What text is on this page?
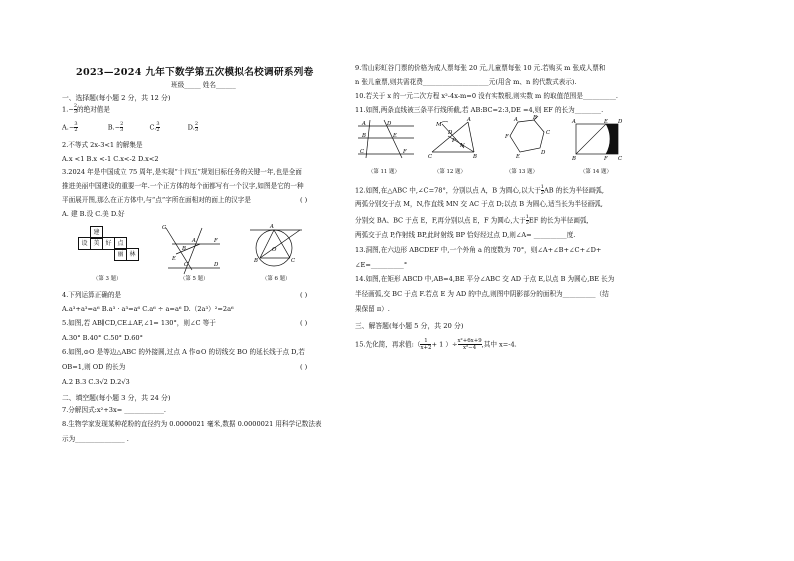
2023—2024 九年下数学第五次模拟名校调研系列卷
班级_____ 姓名______
一、选择题(每小题 2 分，共 12 分)
$1.- \frac{2}{3}$ 的绝对值是
$A.- \frac{3}{2}$	$B.- \frac{2}{3}$	C. $\frac{3}{2}$	D. $\frac{2}{3}$
2.不等式 2x-3<1 的解集是
A.x <1 B.x <-1 C.x<-2 D.x<2
3.2024 年是中国成立 75 周年,是实现“十四五”规划目标任务的关键一年,也是全面
推进美丽中国建设的重要一年.一个正方体的每个面都写有一个汉字,如图是它的一种
平面展开图,那么在正方体中,与“点”字所在面相对的面上的汉字是	( )
A. 建 B.设 C.美 D.好
建
设 美 好 点
丽 林
（第 3 题）
G
A	F
B
E
C	D
（第 5 题）
A
B
O
C
（第 6 题）
4.下列运算正确的是	( )
A.a³+a³=a⁶ B.a³ · a³=a⁶ C.a⁶ ÷ a=a⁶ D.（2a³）²=2a⁶
5.如图,若 AB∥CD,CE⊥AF,∠1= 130°，则∠C 等于	( )
A.30° B.40° C.50° D.60°
6.如图,⊙O 是等边△ABC 的外接圆,过点 A 作⊙O 的切线交 BO 的延长线于点 D,若
OB=1,则 OD 的长为	( )
A.2 B.3 C.3√2 D.2√3
二、填空题(每小题 3 分，共 24 分)
7.分解因式:x²+3x= ____________.
8.生物学家发现某种花粉的直径约为 0.0000021 毫米,数据 0.0000021 用科学记数法表
示为_______________ .
9.雪山彩虹谷门票的价格为成人票每张 20 元,儿童票每张 10 元.若购买 m 张成人票和
n 张儿童票,则共需花费____________________元(用含 m、n 的代数式表示).
10.若关于 x 的一元二次方程 x²-4x-m=0 没有实数根,则实数 m 的取值范围是__________.
11.如图,两条直线被三条平行线所截,若 AB:BC=2:3,DE =4,则 EF 的长为________.
A	D
B	E
C	F
（第 11 题）
M
A
D
N
C	B
P
（第 12 题）
A	B
C
D
E
F
（第 13 题）
A	E D
B	F C
（第 14 题）
12.如图,在△ABC 中,∠C=78°，分别以点 A，B 为圆心,以大于 $\frac{1}{2}$ AB 的长为半径画弧,
两弧分别交于点 M，N,作直线 MN 交 AC 于点 D;以点 B 为圆心,适当长为半径画弧,
分别交 BA、BC 于点 E，F,再分别以点 E，F 为圆心,大于 $\frac{1}{2}$ EF 的长为半径画弧,
两弧交于点 P,作射线 BP,此时射线 BP 恰好经过点 D,则∠A= __________度.
13.洞图,在六边形 ABCDEF 中,一个外角 a 的度数为 70°，则∠A+∠B+∠C+∠D+
∠E=__________°
14.如图,在矩形 ABCD 中,AB=4,BE 平分∠ABC 交 AD 于点 E,以点 B 为圆心,BE 长为
半径画弧,交 BC 于点 F.若点 E 为 AD 的中点,则图中阴影部分的面积为__________（结
果保留 π）.
三、解答题(每小题 5 分，共 20 分)
15.先化简，再求值:（ $\frac{1}{x+2} + 1$ ）÷ $\frac{\text{x²+6x+9}}{\text{x²−4}}$ ,其中 x=-4.
